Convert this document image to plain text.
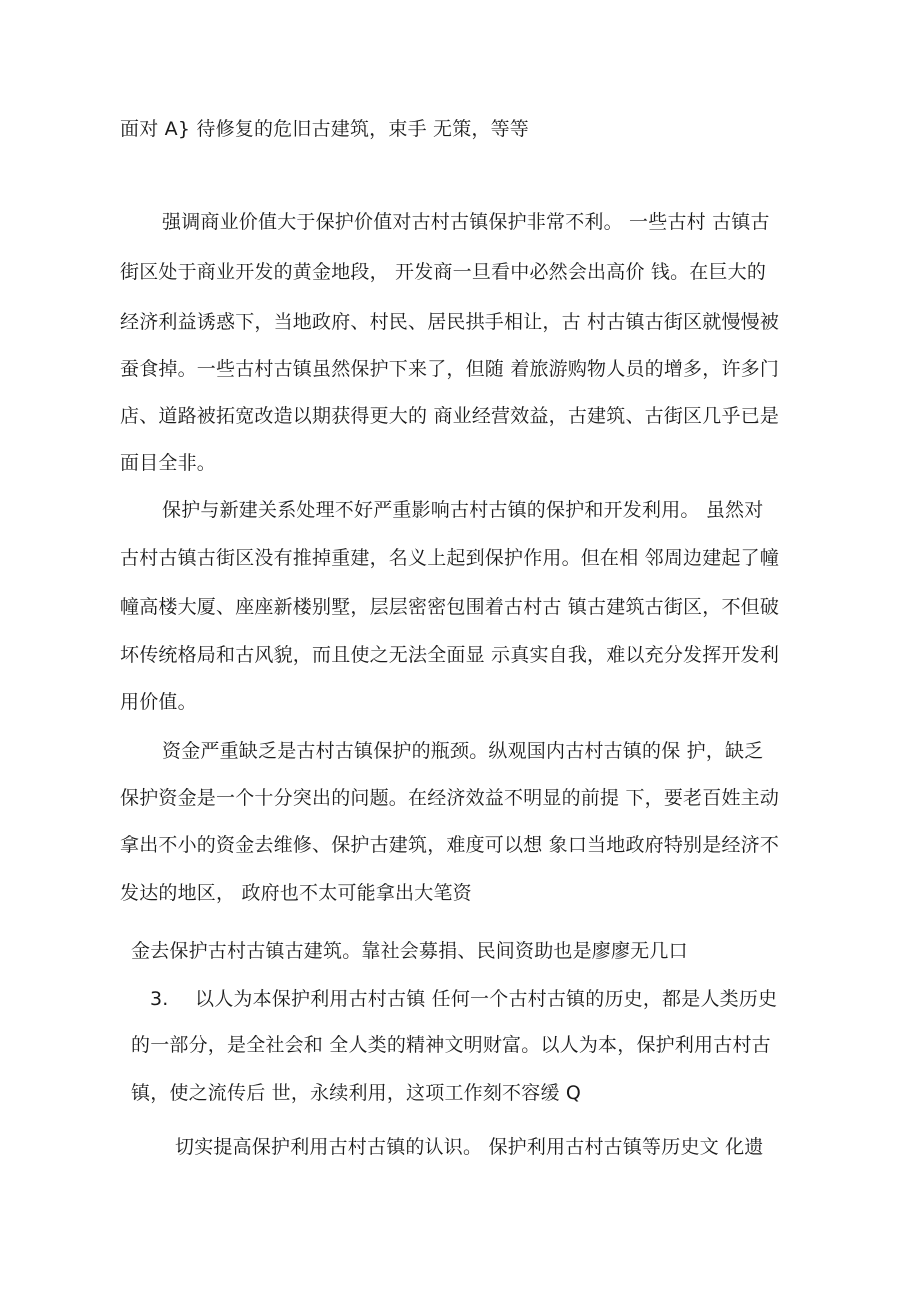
面对 A} 待修复的危旧古建筑，束手 无策，等等
强调商业价值大于保护价值对古村古镇保护非常不利。 一些古村 古镇古
街区处于商业开发的黄金地段， 开发商一旦看中必然会出高价 钱。在巨大的
经济利益诱惑下，当地政府、村民、居民拱手相让，古 村古镇古街区就慢慢被
蚕食掉。一些古村古镇虽然保护下来了，但随 着旅游购物人员的增多，许多门
店、道路被拓宽改造以期获得更大的 商业经营效益，古建筑、古街区几乎已是
面目全非。
保护与新建关系处理不好严重影响古村古镇的保护和开发利用。 虽然对
古村古镇古街区没有推掉重建，名义上起到保护作用。但在相 邻周边建起了幢
幢高楼大厦、座座新楼别墅，层层密密包围着古村古 镇古建筑古街区，不但破
坏传统格局和古风貌，而且使之无法全面显 示真实自我，难以充分发挥开发利
用价值。
资金严重缺乏是古村古镇保护的瓶颈。纵观国内古村古镇的保 护，缺乏
保护资金是一个十分突出的问题。在经济效益不明显的前提 下，要老百姓主动
拿出不小的资金去维修、保护古建筑，难度可以想 象口当地政府特别是经济不
发达的地区， 政府也不太可能拿出大笔资
金去保护古村古镇古建筑。靠社会募捐、民间资助也是廖廖无几口
3. 以人为本保护利用古村古镇 任何一个古村古镇的历史，都是人类历史
的一部分，是全社会和 全人类的精神文明财富。以人为本，保护利用古村古
镇，使之流传后 世，永续利用，这项工作刻不容缓 Q
切实提高保护利用古村古镇的认识。 保护利用古村古镇等历史文 化遗
